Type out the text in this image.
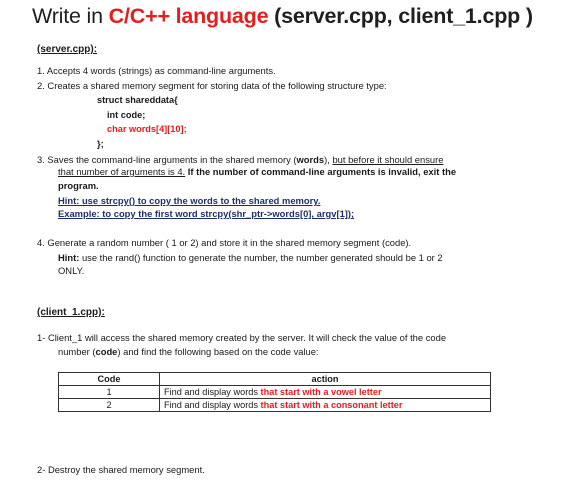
Write in C/C++ language (server.cpp, client_1.cpp )
(server.cpp):
1. Accepts 4 words (strings) as command-line arguments.
2. Creates a shared memory segment for storing data of the following structure type:
struct shareddata{
int code;
char words[4][10];
};
3. Saves the command-line arguments in the shared memory (words), but before it should ensure
that number of arguments is 4. If the number of command-line arguments is invalid, exit the
program.
Hint: use strcpy() to copy the words to the shared memory.
Example: to copy the first word strcpy(shr_ptr->words[0], argv[1]);
4. Generate a random number ( 1 or 2) and store it in the shared memory segment (code).
Hint: use the rand() function to generate the number, the number generated should be 1 or 2
ONLY.
(client_1.cpp):
1- Client_1 will access the shared memory created by the server. It will check the value of the code
number (code) and find the following based on the code value:
Code	action
1	Find and display words that start with a vowel letter
2	Find and display words that start with a consonant letter
2- Destroy the shared memory segment.
